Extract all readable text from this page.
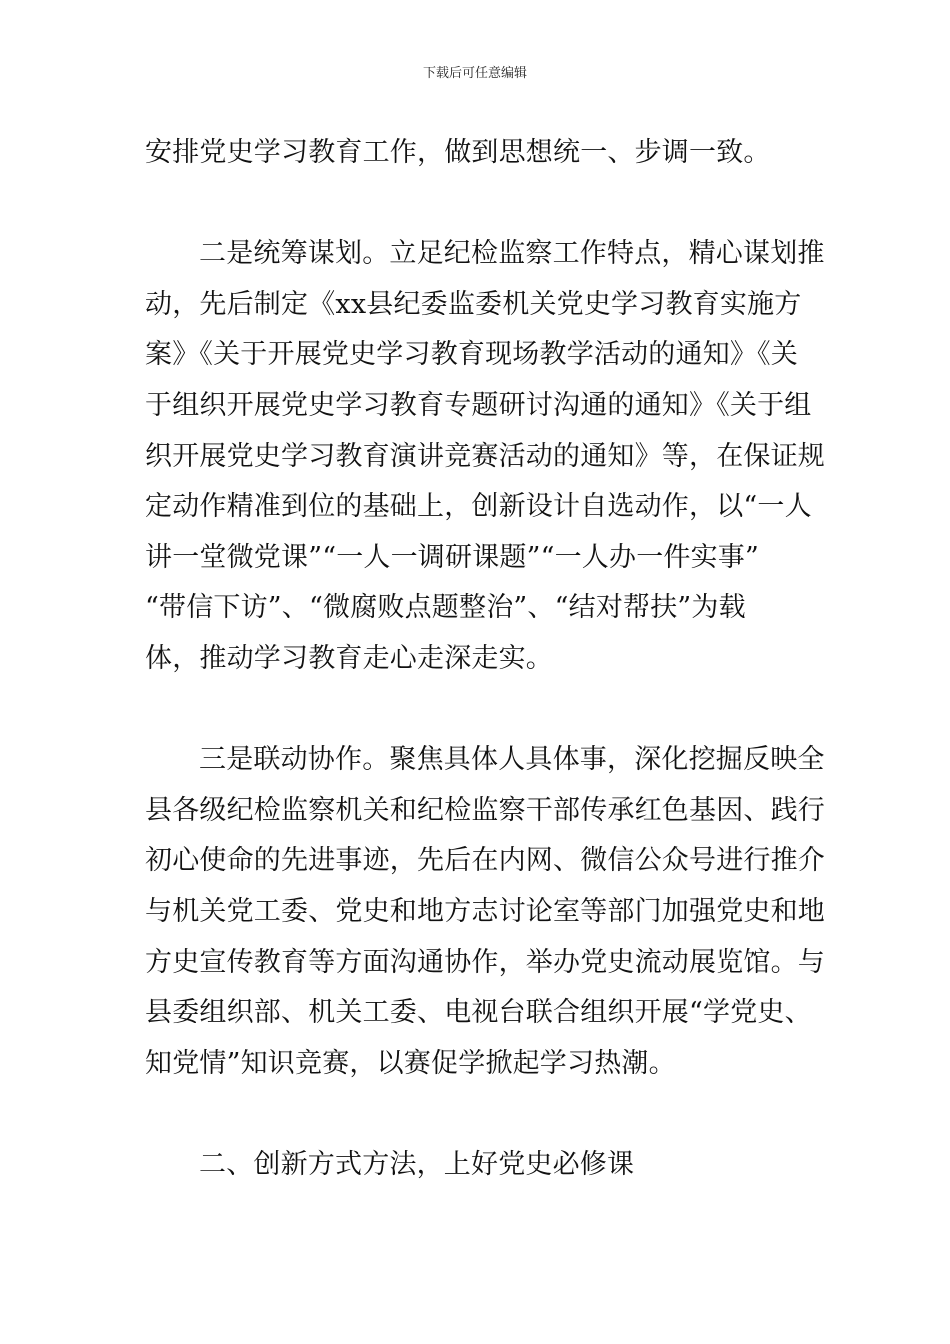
下载后可任意编辑
安排党史学习教育工作，做到思想统一、步调一致。
二是统筹谋划。立足纪检监察工作特点，精心谋划推
动，先后制定《xx县纪委监委机关党史学习教育实施方
案》《关于开展党史学习教育现场教学活动的通知》《关
于组织开展党史学习教育专题研讨沟通的通知》《关于组
织开展党史学习教育演讲竞赛活动的通知》等，在保证规
定动作精准到位的基础上，创新设计自选动作，以“一人
讲一堂微党课”“一人一调研课题”“一人办一件实事”
“带信下访”、“微腐败点题整治”、“结对帮扶”为载
体，推动学习教育走心走深走实。
三是联动协作。聚焦具体人具体事，深化挖掘反映全
县各级纪检监察机关和纪检监察干部传承红色基因、践行
初心使命的先进事迹，先后在内网、微信公众号进行推介
与机关党工委、党史和地方志讨论室等部门加强党史和地
方史宣传教育等方面沟通协作，举办党史流动展览馆。与
县委组织部、机关工委、电视台联合组织开展“学党史、
知党情”知识竞赛，以赛促学掀起学习热潮。
二、创新方式方法，上好党史必修课
